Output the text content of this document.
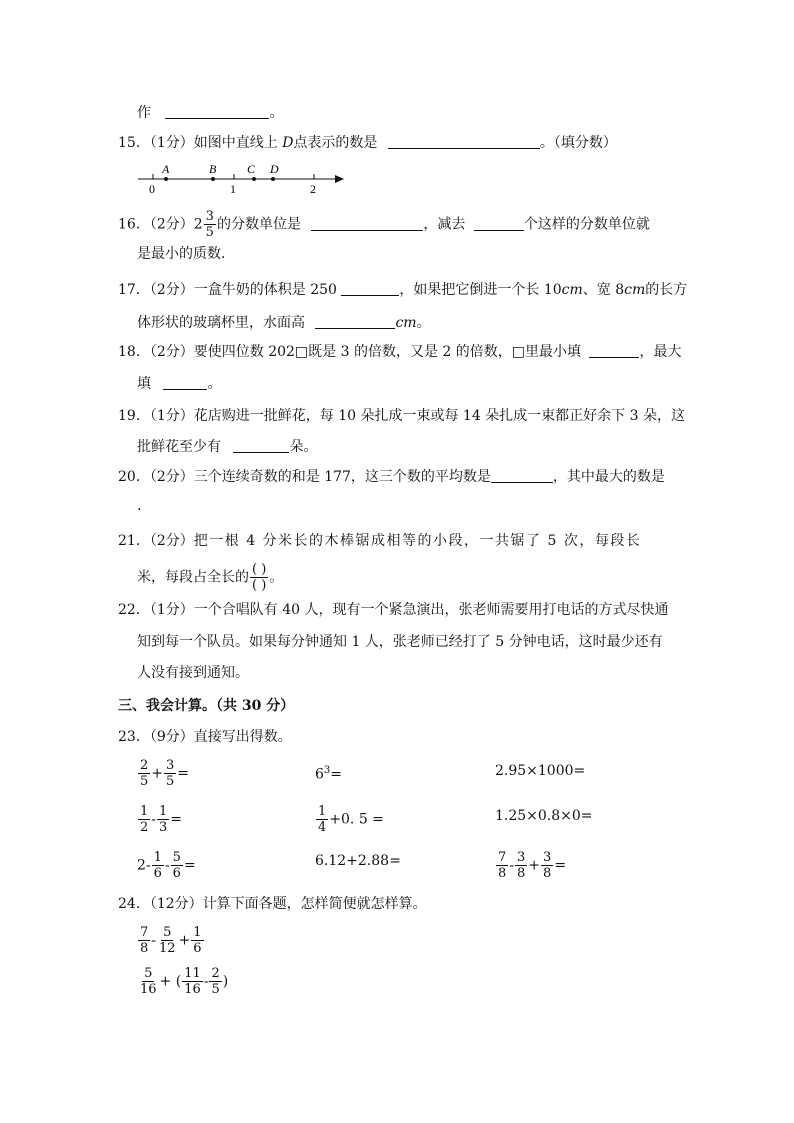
作	。
15．（1分）如图中直线上 D点表示的数是	。（填分数）
0	1	2
A	B	C D
16．（2分）$2 \frac{3}{5}$ 的分数单位是	，减去	个这样的分数单位就
是最小的质数．
17．（2分）一盒牛奶的体积是 250	，如果把它倒进一个长 10cm、宽 8cm的长方
体形状的玻璃杯里，水面高	cm。
18．（2分）要使四位数 202□既是 3 的倍数，又是 2 的倍数，□里最小填	，最大
填	。
19．（1分）花店购进一批鲜花，每 10 朵扎成一束或每 14 朵扎成一束都正好余下 3 朵，这
批鲜花至少有	朵。
20．（2分）三个连续奇数的和是 177，这三个数的平均数是	，其中最大的数是
.
21．（2分）把一根 4 分米长的木棒锯成相等的小段，一共锯了 5 次，每段长
米，每段占全长的 $\frac{( )}{( )}$ 。
22．（1分）一个合唱队有 40 人，现有一个紧急演出，张老师需要用打电话的方式尽快通
知到每一个队员。如果每分钟通知 1 人，张老师已经打了 5 分钟电话，这时最少还有
人没有接到通知。
三、我会计算。（共 30 分）
23．（9分）直接写出得数。
$\frac{2}{5} + \frac{3}{5}$ =	$6^3=$	2.95×1000=
$\frac{1}{2} - \frac{1}{3}$ =	$\frac{1}{4} +0$. 5 =	1.25×0.8×0=
$2- \frac{1}{6} - \frac{5}{6}$ =	6.12+2.88=	$\frac{7}{8} - \frac{3}{8} + \frac{3}{8}$ =
24．（12分）计算下面各题，怎样简便就怎样算。
$\frac{7}{8} - \frac{5}{12} + \frac{1}{6}$
$\frac{5}{16}$ + ( $\frac{11}{16} - \frac{2}{5}$ )
